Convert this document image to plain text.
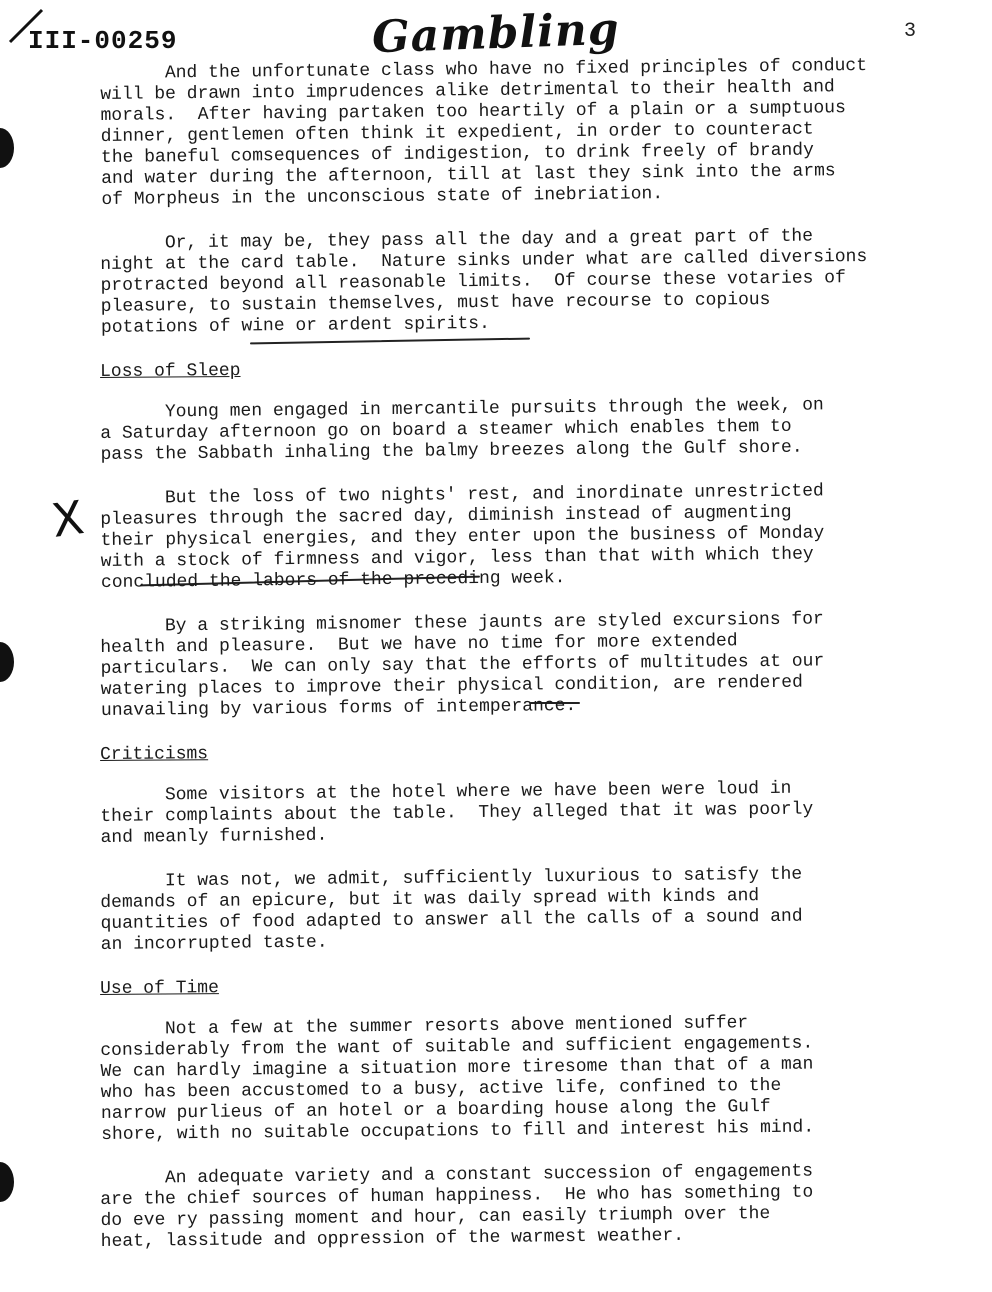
III-00259	Gambling	3
X
And the unfortunate class who have no fixed principles of conduct
will be drawn into imprudences alike detrimental to their health and
morals.  After having partaken too heartily of a plain or a sumptuous
dinner, gentlemen often think it expedient, in order to counteract
the baneful comsequences of indigestion, to drink freely of brandy
and water during the afternoon, till at last they sink into the arms
of Morpheus in the unconscious state of inebriation.
Or, it may be, they pass all the day and a great part of the
night at the card table.  Nature sinks under what are called diversions
protracted beyond all reasonable limits.  Of course these votaries of
pleasure, to sustain themselves, must have recourse to copious
potations of wine or ardent spirits.
Loss of Sleep
Young men engaged in mercantile pursuits through the week, on
a Saturday afternoon go on board a steamer which enables them to
pass the Sabbath inhaling the balmy breezes along the Gulf shore.
But the loss of two nights' rest, and inordinate unrestricted
pleasures through the sacred day, diminish instead of augmenting
their physical energies, and they enter upon the business of Monday
with a stock of firmness and vigor, less than that with which they
concluded the labors of the preceding week.
By a striking misnomer these jaunts are styled excursions for
health and pleasure.  But we have no time for more extended
particulars.  We can only say that the efforts of multitudes at our
watering places to improve their physical condition, are rendered
unavailing by various forms of intemperance.
Criticisms
Some visitors at the hotel where we have been were loud in
their complaints about the table.  They alleged that it was poorly
and meanly furnished.
It was not, we admit, sufficiently luxurious to satisfy the
demands of an epicure, but it was daily spread with kinds and
quantities of food adapted to answer all the calls of a sound and
an incorrupted taste.
Use of Time
Not a few at the summer resorts above mentioned suffer
considerably from the want of suitable and sufficient engagements.
We can hardly imagine a situation more tiresome than that of a man
who has been accustomed to a busy, active life, confined to the
narrow purlieus of an hotel or a boarding house along the Gulf
shore, with no suitable occupations to fill and interest his mind.
An adequate variety and a constant succession of engagements
are the chief sources of human happiness.  He who has something to
do eve ry passing moment and hour, can easily triumph over the
heat, lassitude and oppression of the warmest weather.
